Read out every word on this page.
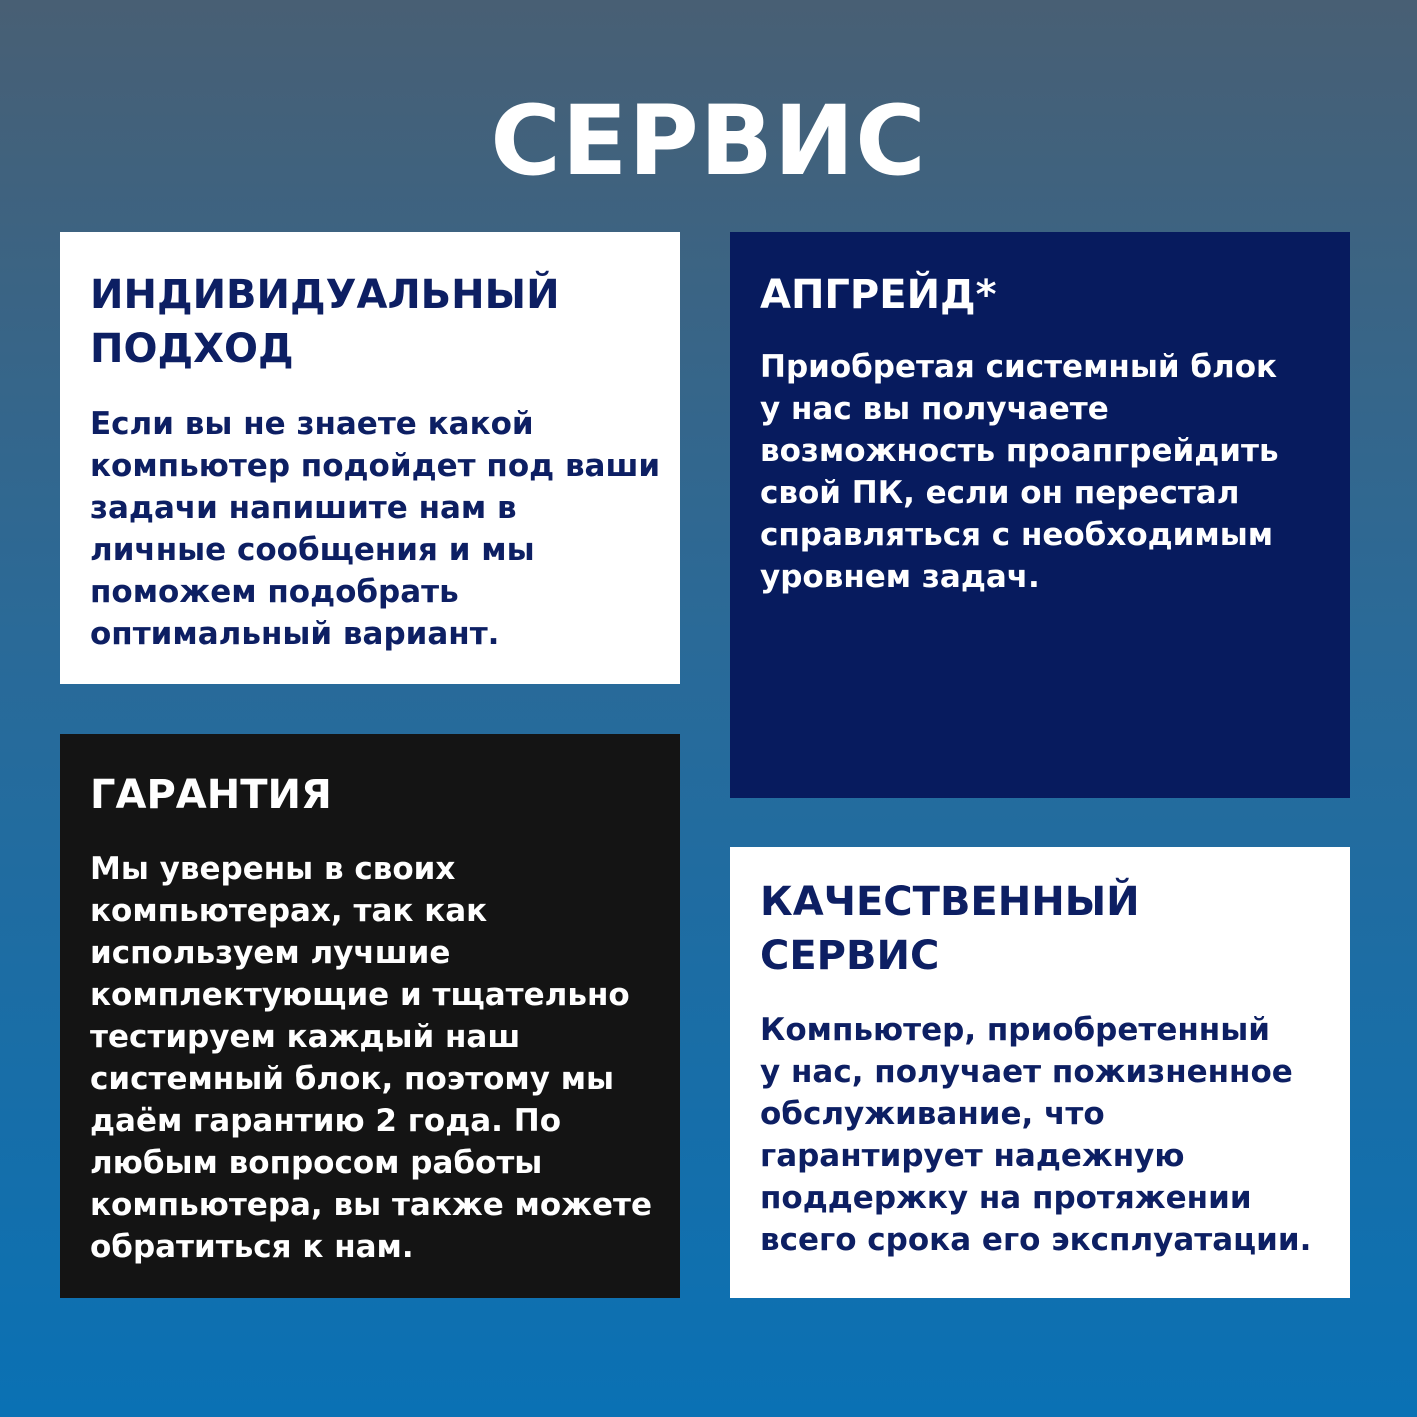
СЕРВИС
ИНДИВИДУАЛЬНЫЙ
ПОДХОД
Если вы не знаете какой
компьютер подойдет под ваши
задачи напишите нам в
личные сообщения и мы
поможем подобрать
оптимальный вариант.
АПГРЕЙД*
Приобретая системный блок
у нас вы получаете
возможность проапгрейдить
свой ПК, если он перестал
справляться с необходимым
уровнем задач.
ГАРАНТИЯ
Мы уверены в своих
компьютерах, так как
используем лучшие
комплектующие и тщательно
тестируем каждый наш
системный блок, поэтому мы
даём гарантию 2 года. По
любым вопросом работы
компьютера, вы также можете
обратиться к нам.
КАЧЕСТВЕННЫЙ
СЕРВИС
Компьютер, приобретенный
у нас, получает пожизненное
обслуживание, что
гарантирует надежную
поддержку на протяжении
всего срока его эксплуатации.
